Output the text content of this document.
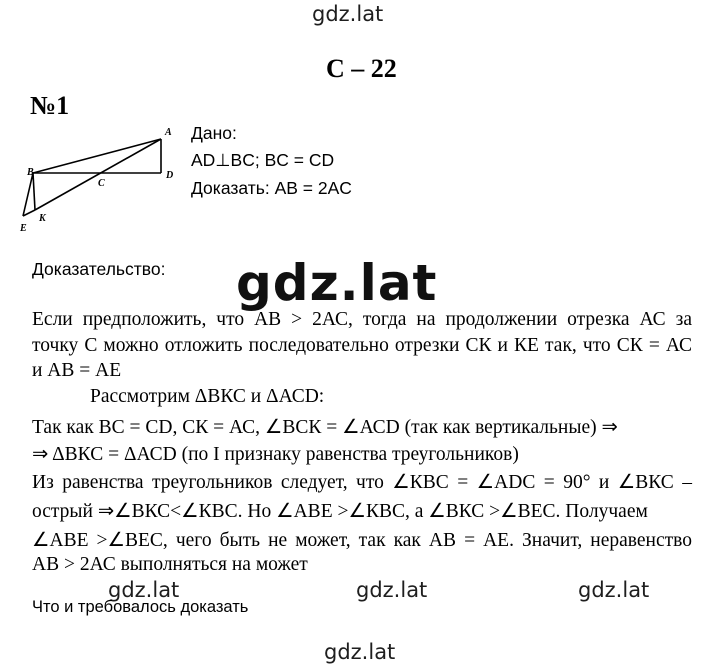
gdz.lat
gdz.lat
gdz.lat	gdz.lat	gdz.lat
gdz.lat
С – 22
№1
A
B
C
D
E
K
Дано:
AD⊥BC; BC = CD
Доказать: AB = 2AC
Доказательство:
Если предположить, что АВ > 2АС, тогда на продолжении отрезка АС за
точку С можно отложить последовательно отрезки СК и КЕ так, что СК = АС
и АВ = АЕ
Рассмотрим ΔВКС и ΔАСD:
Так как ВС = СD, СК = АС, ∠ВСК = ∠АСD (так как вертикальные) ⇒
⇒ ΔВКС = ΔАСD (по I признаку равенства треугольников)
Из равенства треугольников следует, что ∠КВС = ∠АDС = 90° и ∠ВКС –
острый ⇒∠ВКС<∠КВС. Но ∠АВЕ >∠КВС, а ∠ВКС >∠ВЕС. Получаем
∠АВЕ >∠ВЕС, чего быть не может, так как АВ = АЕ. Значит, неравенство
АВ > 2АС выполняться на может
Что и требовалось доказать
